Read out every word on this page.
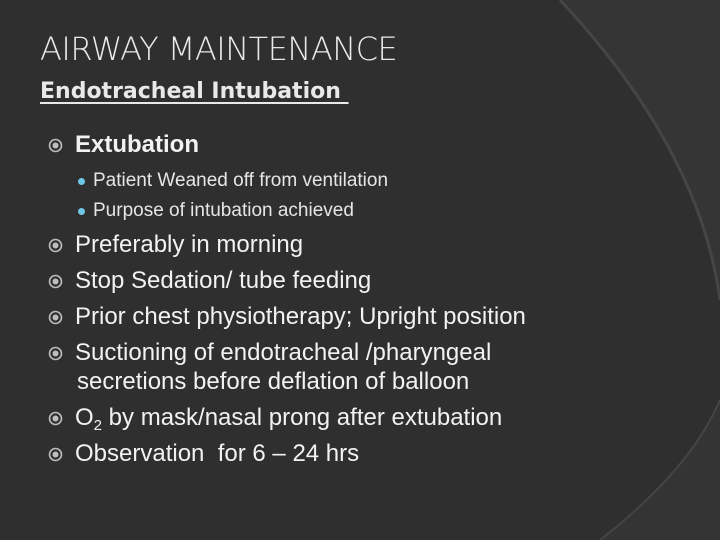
AIRWAY MAINTENANCE
Endotracheal Intubation
Extubation
Patient Weaned off from ventilation
Purpose of intubation achieved
Preferably in morning
Stop Sedation/ tube feeding
Prior chest physiotherapy; Upright position
Suctioning of endotracheal /pharyngeal
secretions before deflation of balloon
$O_2$ by mask/nasal prong after extubation
Observation  for 6 – 24 hrs
